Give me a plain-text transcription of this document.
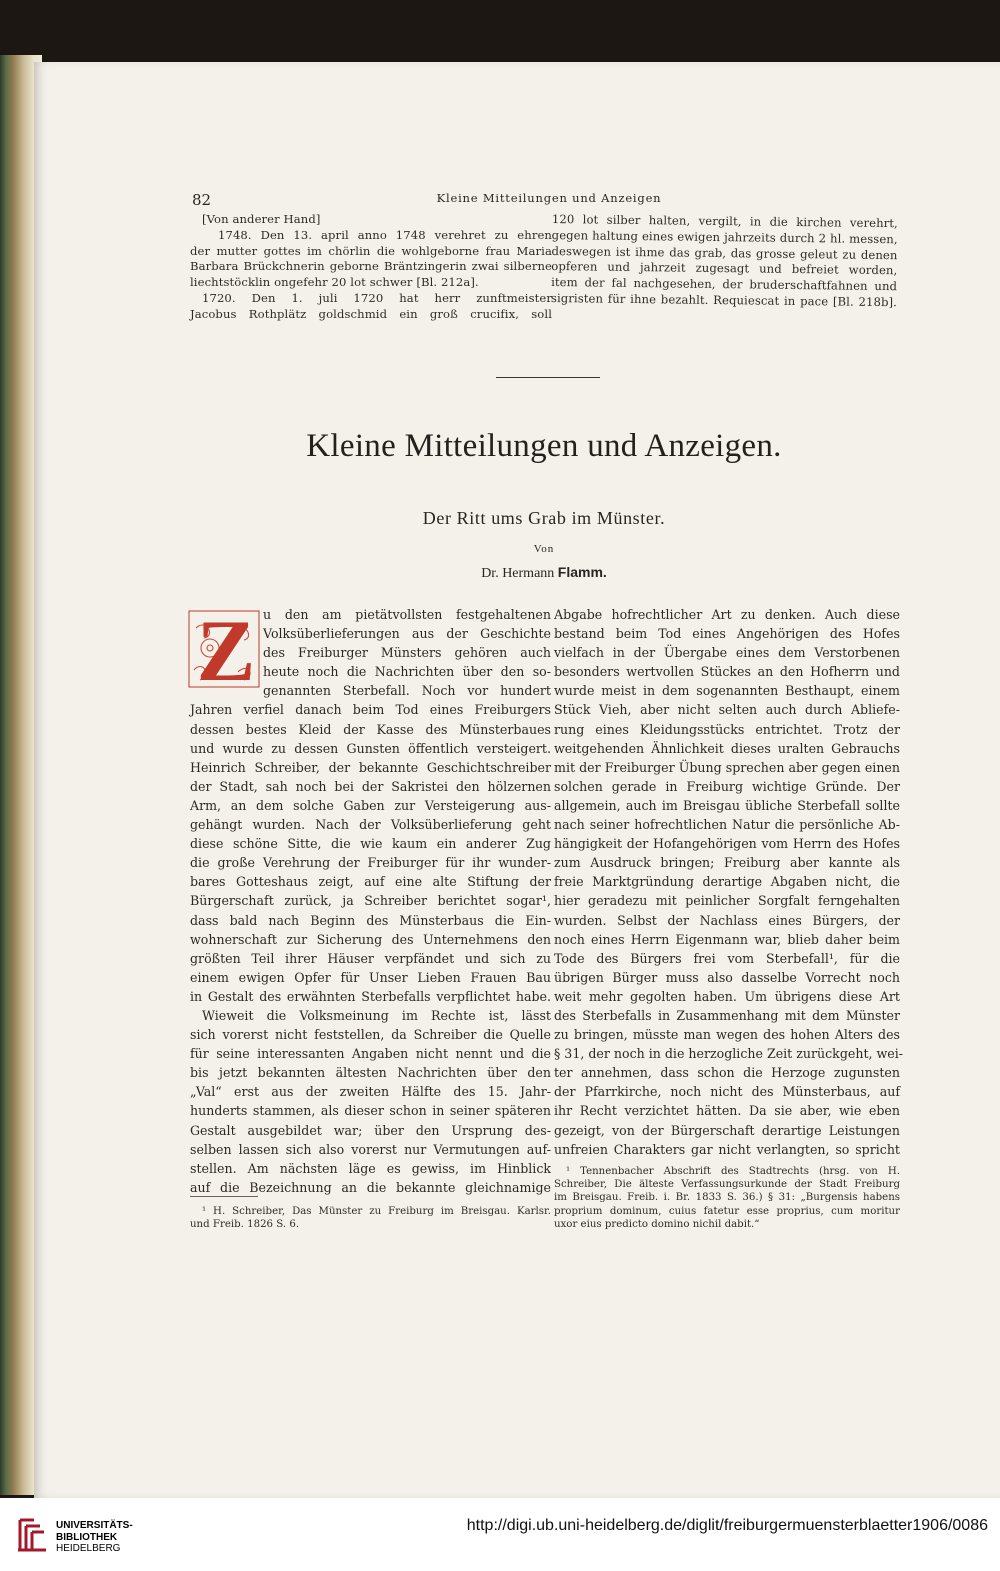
82	Kleine Mitteilungen und Anzeigen
[Von anderer Hand]
1748. Den 13. april anno 1748 verehret zu ehren
der mutter gottes im chörlin die wohlgeborne frau Maria
Barbara Brückchnerin geborne Bräntzingerin zwai silberne
liechtstöcklin ongefehr 20 lot schwer [Bl. 212a].
1720. Den 1. juli 1720 hat herr zunftmeister
Jacobus Rothplätz goldschmid ein groß crucifix, soll
120 lot silber halten, vergilt, in die kirchen verehrt,
gegen haltung eines ewigen jahrzeits durch 2 hl. messen,
deswegen ist ihme das grab, das grosse geleut zu denen
opferen und jahrzeit zugesagt und befreiet worden,
item der fal nachgesehen, der bruderschaftfahnen und
sigristen für ihne bezahlt. Requiescat in pace [Bl. 218b].
Kleine Mitteilungen und Anzeigen.
Der Ritt ums Grab im Münster.
Von
Dr. Hermann Flamm.
Z u den am pietätvollsten festgehaltenen
Volksüberlieferungen aus der Geschichte
des Freiburger Münsters gehören auch
heute noch die Nachrichten über den so-
genannten Sterbefall. Noch vor hundert
Jahren verfiel danach beim Tod eines Freiburgers
dessen bestes Kleid der Kasse des Münsterbaues
und wurde zu dessen Gunsten öffentlich versteigert.
Heinrich Schreiber, der bekannte Geschichtschreiber
der Stadt, sah noch bei der Sakristei den hölzernen
Arm, an dem solche Gaben zur Versteigerung aus-
gehängt wurden. Nach der Volksüberlieferung geht
diese schöne Sitte, die wie kaum ein anderer Zug
die große Verehrung der Freiburger für ihr wunder-
bares Gotteshaus zeigt, auf eine alte Stiftung der
Bürgerschaft zurück, ja Schreiber berichtet sogar¹,
dass bald nach Beginn des Münsterbaus die Ein-
wohnerschaft zur Sicherung des Unternehmens den
größten Teil ihrer Häuser verpfändet und sich zu
einem ewigen Opfer für Unser Lieben Frauen Bau
in Gestalt des erwähnten Sterbefalls verpflichtet habe.
Wieweit die Volksmeinung im Rechte ist, lässt
sich vorerst nicht feststellen, da Schreiber die Quelle
für seine interessanten Angaben nicht nennt und die
bis jetzt bekannten ältesten Nachrichten über den
„Val“ erst aus der zweiten Hälfte des 15. Jahr-
hunderts stammen, als dieser schon in seiner späteren
Gestalt ausgebildet war; über den Ursprung des-
selben lassen sich also vorerst nur Vermutungen auf-
stellen. Am nächsten läge es gewiss, im Hinblick
auf die Bezeichnung an die bekannte gleichnamige
Abgabe hofrechtlicher Art zu denken. Auch diese
bestand beim Tod eines Angehörigen des Hofes
vielfach in der Übergabe eines dem Verstorbenen
besonders wertvollen Stückes an den Hofherrn und
wurde meist in dem sogenannten Besthaupt, einem
Stück Vieh, aber nicht selten auch durch Abliefe-
rung eines Kleidungsstücks entrichtet. Trotz der
weitgehenden Ähnlichkeit dieses uralten Gebrauchs
mit der Freiburger Übung sprechen aber gegen einen
solchen gerade in Freiburg wichtige Gründe. Der
allgemein, auch im Breisgau übliche Sterbefall sollte
nach seiner hofrechtlichen Natur die persönliche Ab-
hängigkeit der Hofangehörigen vom Herrn des Hofes
zum Ausdruck bringen; Freiburg aber kannte als
freie Marktgründung derartige Abgaben nicht, die
hier geradezu mit peinlicher Sorgfalt ferngehalten
wurden. Selbst der Nachlass eines Bürgers, der
noch eines Herrn Eigenmann war, blieb daher beim
Tode des Bürgers frei vom Sterbefall¹, für die
übrigen Bürger muss also dasselbe Vorrecht noch
weit mehr gegolten haben. Um übrigens diese Art
des Sterbefalls in Zusammenhang mit dem Münster
zu bringen, müsste man wegen des hohen Alters des
§ 31, der noch in die herzogliche Zeit zurückgeht, wei-
ter annehmen, dass schon die Herzoge zugunsten
der Pfarrkirche, noch nicht des Münsterbaus, auf
ihr Recht verzichtet hätten. Da sie aber, wie eben
gezeigt, von der Bürgerschaft derartige Leistungen
unfreien Charakters gar nicht verlangten, so spricht
¹ H. Schreiber, Das Münster zu Freiburg im Breisgau. Karlsr.
und Freib. 1826 S. 6.
¹ Tennenbacher Abschrift des Stadtrechts (hrsg. von H.
Schreiber, Die älteste Verfassungsurkunde der Stadt Freiburg
im Breisgau. Freib. i. Br. 1833 S. 36.) § 31: „Burgensis habens
proprium dominum, cuius fatetur esse proprius, cum moritur
uxor eius predicto domino nichil dabit.“
UNIVERSITÄTS-
BIBLIOTHEK
HEIDELBERG
http://digi.ub.uni-heidelberg.de/diglit/freiburgermuensterblaetter1906/0086
